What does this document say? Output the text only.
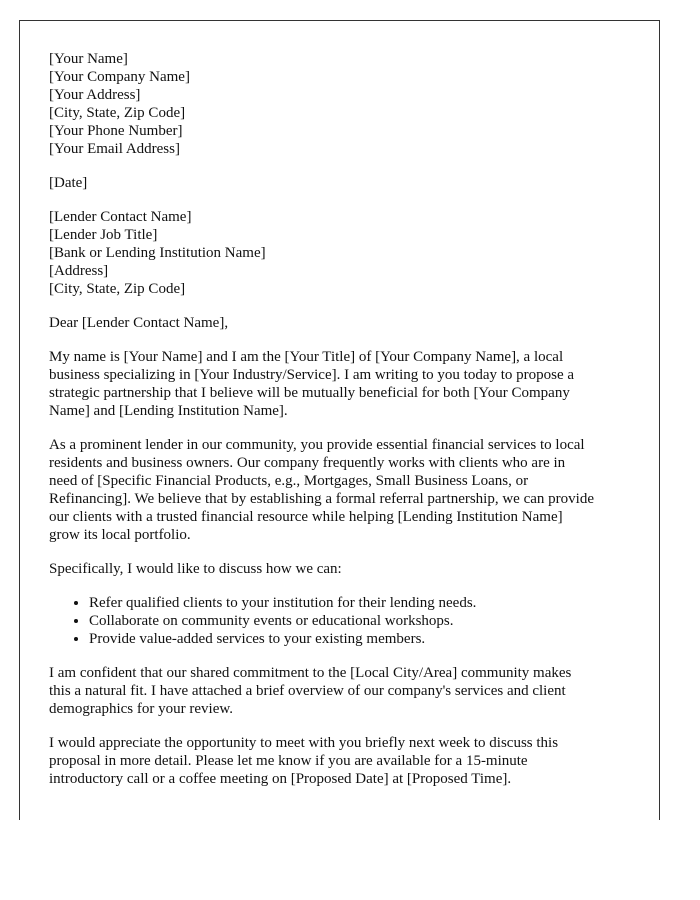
[Your Name]
[Your Company Name]
[Your Address]
[City, State, Zip Code]
[Your Phone Number]
[Your Email Address]
[Date]
[Lender Contact Name]
[Lender Job Title]
[Bank or Lending Institution Name]
[Address]
[City, State, Zip Code]
Dear [Lender Contact Name],
My name is [Your Name] and I am the [Your Title] of [Your Company Name], a local
business specializing in [Your Industry/Service]. I am writing to you today to propose a
strategic partnership that I believe will be mutually beneficial for both [Your Company
Name] and [Lending Institution Name].
As a prominent lender in our community, you provide essential financial services to local
residents and business owners. Our company frequently works with clients who are in
need of [Specific Financial Products, e.g., Mortgages, Small Business Loans, or
Refinancing]. We believe that by establishing a formal referral partnership, we can provide
our clients with a trusted financial resource while helping [Lending Institution Name]
grow its local portfolio.
Specifically, I would like to discuss how we can:
• Refer qualified clients to your institution for their lending needs.
• Collaborate on community events or educational workshops.
• Provide value-added services to your existing members.
I am confident that our shared commitment to the [Local City/Area] community makes
this a natural fit. I have attached a brief overview of our company's services and client
demographics for your review.
I would appreciate the opportunity to meet with you briefly next week to discuss this
proposal in more detail. Please let me know if you are available for a 15-minute
introductory call or a coffee meeting on [Proposed Date] at [Proposed Time].
